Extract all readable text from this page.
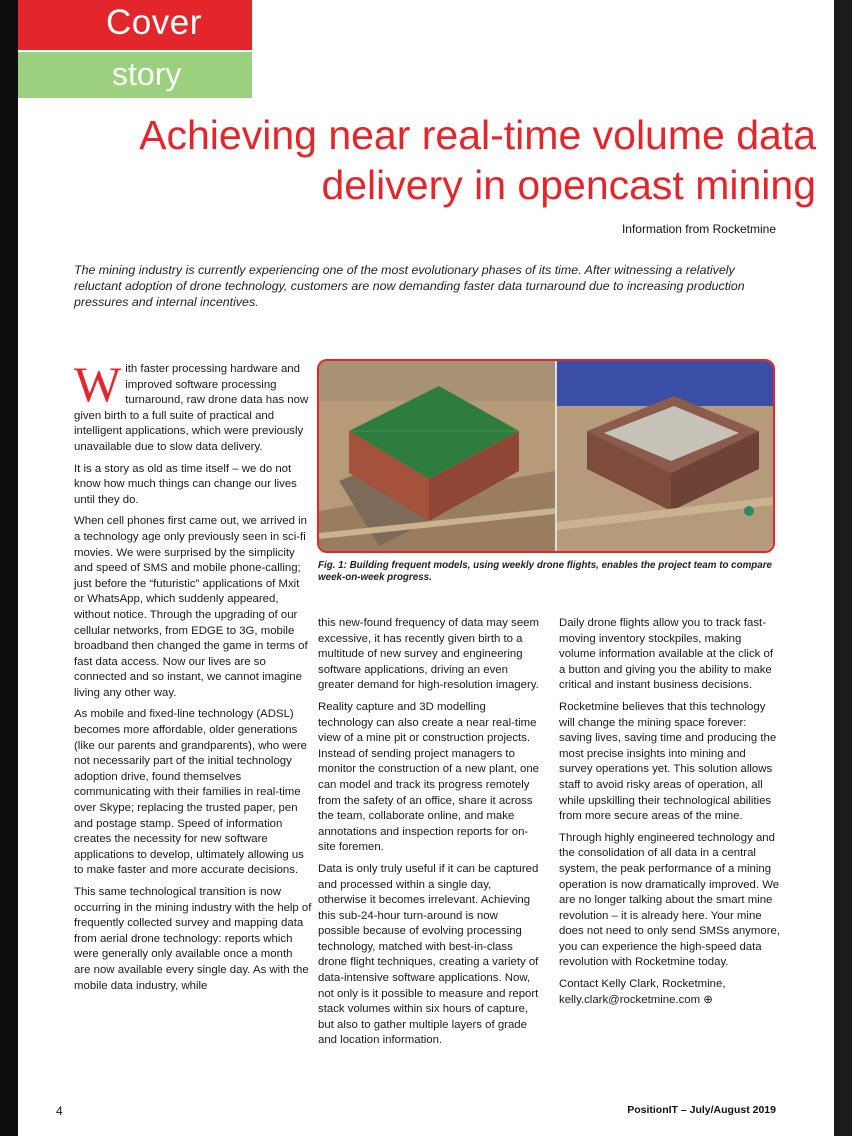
Cover
story
Achieving near real-time volume data delivery in opencast mining
Information from Rocketmine

The mining industry is currently experiencing one of the most evolutionary phases of its time. After witnessing a relatively reluctant adoption of drone technology, customers are now demanding faster data turnaround due to increasing production pressures and internal incentives.

With faster processing hardware and improved software processing turnaround, raw drone data has now given birth to a full suite of practical and intelligent applications, which were previously unavailable due to slow data delivery.

It is a story as old as time itself – we do not know how much things can change our lives until they do.

When cell phones first came out, we arrived in a technology age only previously seen in sci-fi movies. We were surprised by the simplicity and speed of SMS and mobile phone-calling; just before the “futuristic” applications of Mxit or WhatsApp, which suddenly appeared, without notice. Through the upgrading of our cellular networks, from EDGE to 3G, mobile broadband then changed the game in terms of fast data access. Now our lives are so connected and so instant, we cannot imagine living any other way.

As mobile and fixed-line technology (ADSL) becomes more affordable, older generations (like our parents and grandparents), who were not necessarily part of the initial technology adoption drive, found themselves communicating with their families in real-time over Skype; replacing the trusted paper, pen and postage stamp. Speed of information creates the necessity for new software applications to develop, ultimately allowing us to make faster and more accurate decisions.

This same technological transition is now occurring in the mining industry with the help of frequently collected survey and mapping data from aerial drone technology: reports which were generally only available once a month are now available every single day. As with the mobile data industry, while

Fig. 1: Building frequent models, using weekly drone flights, enables the project team to compare week-on-week progress.

this new-found frequency of data may seem excessive, it has recently given birth to a multitude of new survey and engineering software applications, driving an even greater demand for high-resolution imagery.

Reality capture and 3D modelling technology can also create a near real-time view of a mine pit or construction projects. Instead of sending project managers to monitor the construction of a new plant, one can model and track its progress remotely from the safety of an office, share it across the team, collaborate online, and make annotations and inspection reports for on-site foremen.

Data is only truly useful if it can be captured and processed within a single day, otherwise it becomes irrelevant. Achieving this sub-24-hour turn-around is now possible because of evolving processing technology, matched with best-in-class drone flight techniques, creating a variety of data-intensive software applications. Now, not only is it possible to measure and report stack volumes within six hours of capture, but also to gather multiple layers of grade and location information.

Daily drone flights allow you to track fast-moving inventory stockpiles, making volume information available at the click of a button and giving you the ability to make critical and instant business decisions.

Rocketmine believes that this technology will change the mining space forever: saving lives, saving time and producing the most precise insights into mining and survey operations yet. This solution allows staff to avoid risky areas of operation, all while upskilling their technological abilities from more secure areas of the mine.

Through highly engineered technology and the consolidation of all data in a central system, the peak performance of a mining operation is now dramatically improved. We are no longer talking about the smart mine revolution – it is already here. Your mine does not need to only send SMSs anymore, you can experience the high-speed data revolution with Rocketmine today.

Contact Kelly Clark, Rocketmine, kelly.clark@rocketmine.com ⊕

4	PositionIT – July/August 2019
